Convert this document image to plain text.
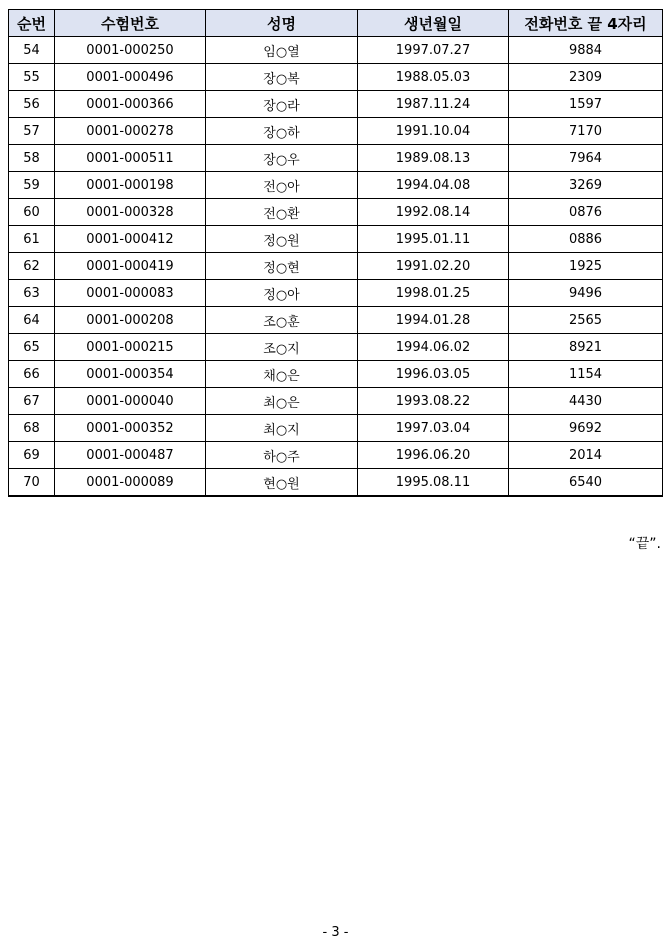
순번	수험번호	성명	생년월일	전화번호 끝 4자리
54	0001-000250	임○열	1997.07.27	9884
55	0001-000496	장○복	1988.05.03	2309
56	0001-000366	장○라	1987.11.24	1597
57	0001-000278	장○하	1991.10.04	7170
58	0001-000511	장○우	1989.08.13	7964
59	0001-000198	전○아	1994.04.08	3269
60	0001-000328	전○환	1992.08.14	0876
61	0001-000412	정○원	1995.01.11	0886
62	0001-000419	정○현	1991.02.20	1925
63	0001-000083	정○아	1998.01.25	9496
64	0001-000208	조○훈	1994.01.28	2565
65	0001-000215	조○지	1994.06.02	8921
66	0001-000354	채○은	1996.03.05	1154
67	0001-000040	최○은	1993.08.22	4430
68	0001-000352	최○지	1997.03.04	9692
69	0001-000487	하○주	1996.06.20	2014
70	0001-000089	현○원	1995.08.11	6540
“끝”.
- 3 -
